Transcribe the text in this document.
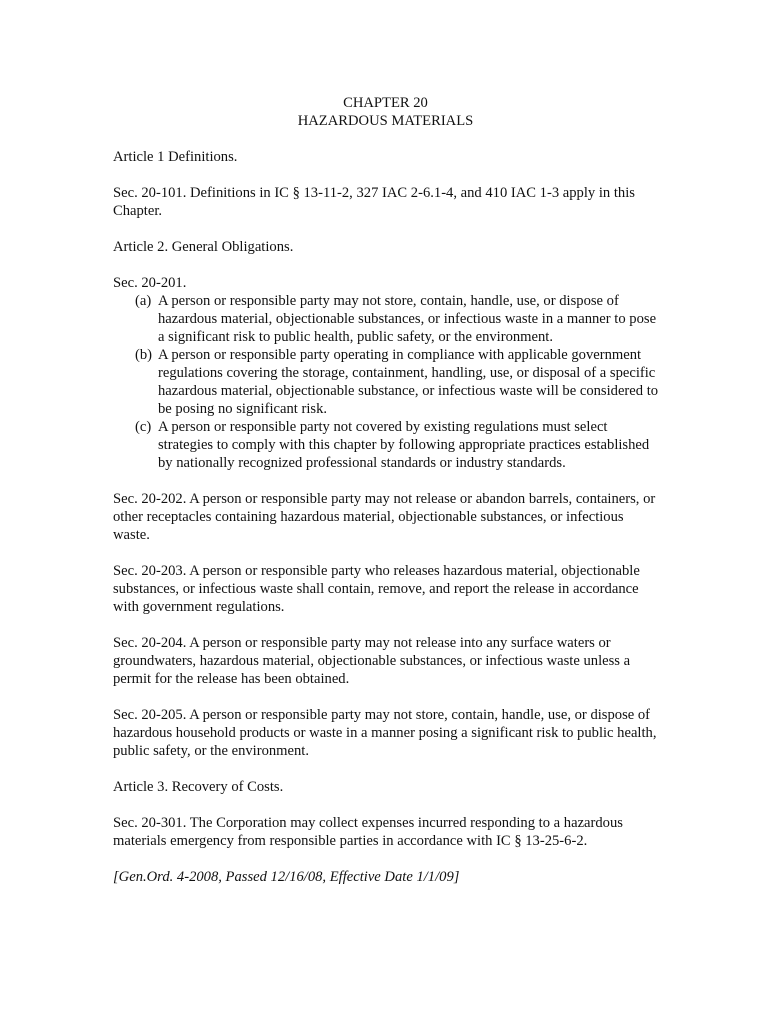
CHAPTER 20

HAZARDOUS MATERIALS

Article 1 Definitions.

Sec. 20-101. Definitions in IC § 13-11-2, 327 IAC 2-6.1-4, and 410 IAC 1-3 apply in this Chapter.

Article 2. General Obligations.

Sec. 20-201.

(a) A person or responsible party may not store, contain, handle, use, or dispose of hazardous material, objectionable substances, or infectious waste in a manner to pose a significant risk to public health, public safety, or the environment.
(b) A person or responsible party operating in compliance with applicable government regulations covering the storage, containment, handling, use, or disposal of a specific hazardous material, objectionable substance, or infectious waste will be considered to be posing no significant risk.
(c) A person or responsible party not covered by existing regulations must select strategies to comply with this chapter by following appropriate practices established by nationally recognized professional standards or industry standards.

Sec. 20-202. A person or responsible party may not release or abandon barrels, containers, or other receptacles containing hazardous material, objectionable substances, or infectious waste.

Sec. 20-203. A person or responsible party who releases hazardous material, objectionable substances, or infectious waste shall contain, remove, and report the release in accordance with government regulations.

Sec. 20-204. A person or responsible party may not release into any surface waters or groundwaters, hazardous material, objectionable substances, or infectious waste unless a permit for the release has been obtained.

Sec. 20-205. A person or responsible party may not store, contain, handle, use, or dispose of hazardous household products or waste in a manner posing a significant risk to public health, public safety, or the environment.

Article 3. Recovery of Costs.

Sec. 20-301. The Corporation may collect expenses incurred responding to a hazardous materials emergency from responsible parties in accordance with IC § 13-25-6-2.

[Gen.Ord. 4-2008, Passed 12/16/08, Effective Date 1/1/09]
